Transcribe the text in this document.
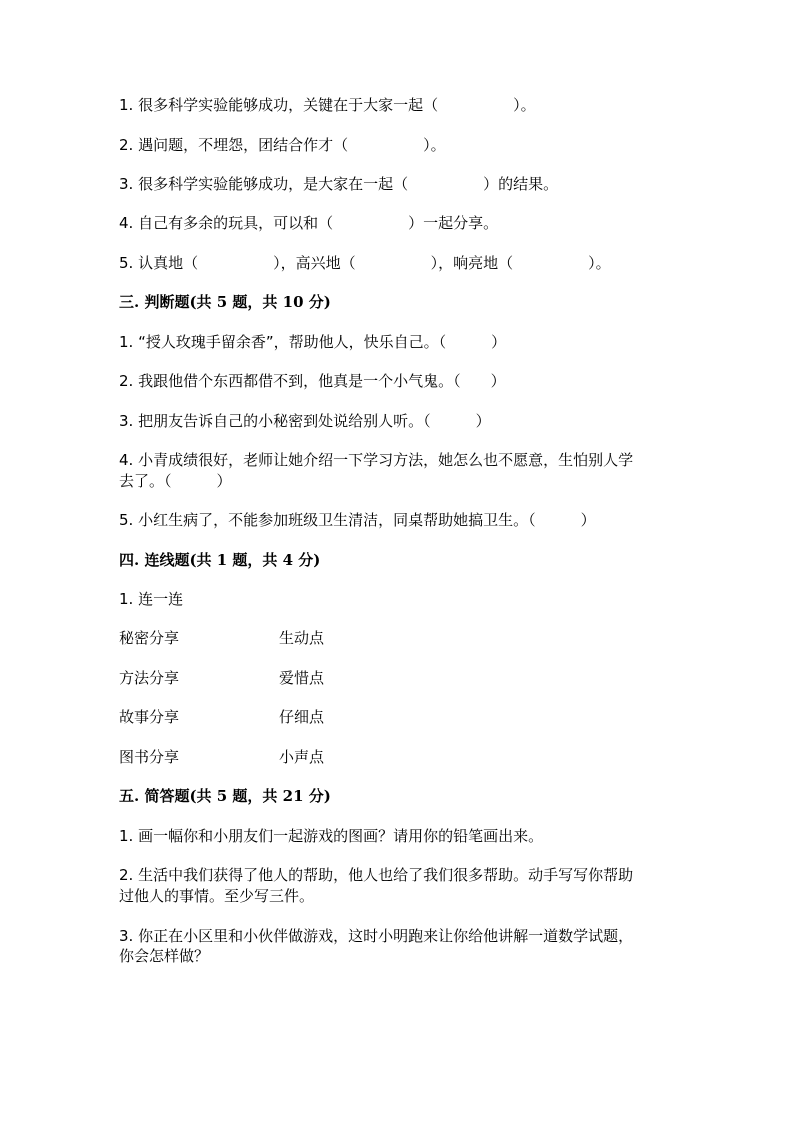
1. 很多科学实验能够成功，关键在于大家一起（　　　　　）。
2. 遇问题，不埋怨，团结合作才（　　　　　）。
3. 很多科学实验能够成功，是大家在一起（　　　　　）的结果。
4. 自己有多余的玩具，可以和（　　　　　）一起分享。
5. 认真地（　　　　　），高兴地（　　　　　），响亮地（　　　　　）。
三. 判断题(共 5 题，共 10 分)
1. “授人玫瑰手留余香”，帮助他人，快乐自己。（　　　）
2. 我跟他借个东西都借不到，他真是一个小气鬼。（　　）
3. 把朋友告诉自己的小秘密到处说给别人听。（　　　）
4. 小青成绩很好，老师让她介绍一下学习方法，她怎么也不愿意，生怕别人学
去了。（　　　）
5. 小红生病了，不能参加班级卫生清洁，同桌帮助她搞卫生。（　　　）
四. 连线题(共 1 题，共 4 分)
1. 连一连
秘密分享	生动点
方法分享	爱惜点
故事分享	仔细点
图书分享	小声点
五. 简答题(共 5 题，共 21 分)
1. 画一幅你和小朋友们一起游戏的图画？请用你的铅笔画出来。
2. 生活中我们获得了他人的帮助，他人也给了我们很多帮助。动手写写你帮助
过他人的事情。至少写三件。
3. 你正在小区里和小伙伴做游戏，这时小明跑来让你给他讲解一道数学试题，
你会怎样做？
